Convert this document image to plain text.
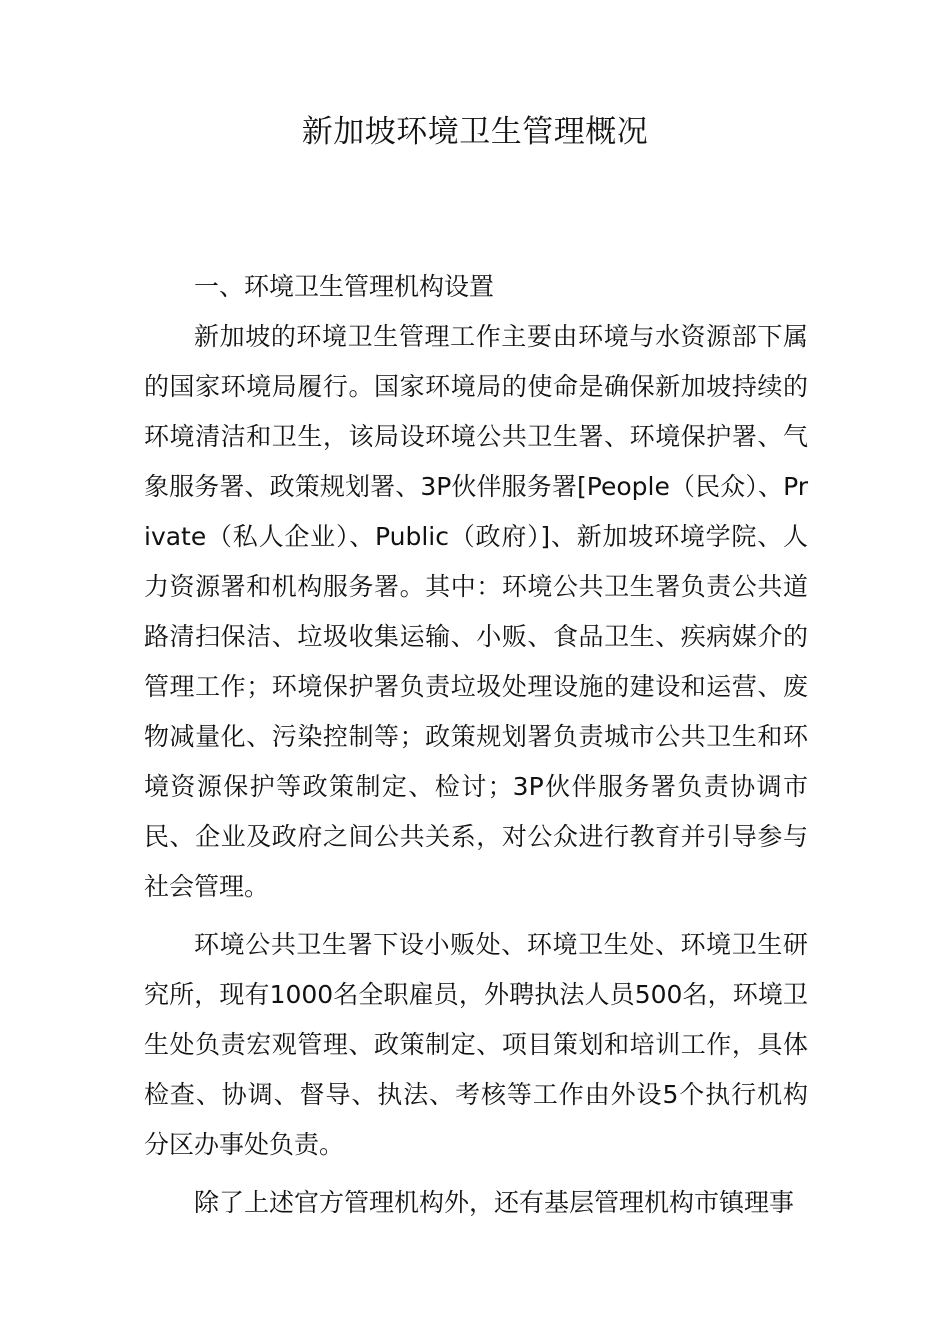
新加坡环境卫生管理概况
一、环境卫生管理机构设置

新加坡的环境卫生管理工作主要由环境与水资源部下属的国家环境局履行。国家环境局的使命是确保新加坡持续的环境清洁和卫生，该局设环境公共卫生署、环境保护署、气象服务署、政策规划署、3P伙伴服务署[People（民众）、Private（私人企业）、Public（政府）]、新加坡环境学院、人力资源署和机构服务署。其中：环境公共卫生署负责公共道路清扫保洁、垃圾收集运输、小贩、食品卫生、疾病媒介的管理工作；环境保护署负责垃圾处理设施的建设和运营、废物减量化、污染控制等；政策规划署负责城市公共卫生和环境资源保护等政策制定、检讨；3P伙伴服务署负责协调市民、企业及政府之间公共关系，对公众进行教育并引导参与社会管理。

环境公共卫生署下设小贩处、环境卫生处、环境卫生研究所，现有1000名全职雇员，外聘执法人员500名，环境卫生处负责宏观管理、政策制定、项目策划和培训工作，具体检查、协调、督导、执法、考核等工作由外设5个执行机构分区办事处负责。

除了上述官方管理机构外，还有基层管理机构市镇理事
